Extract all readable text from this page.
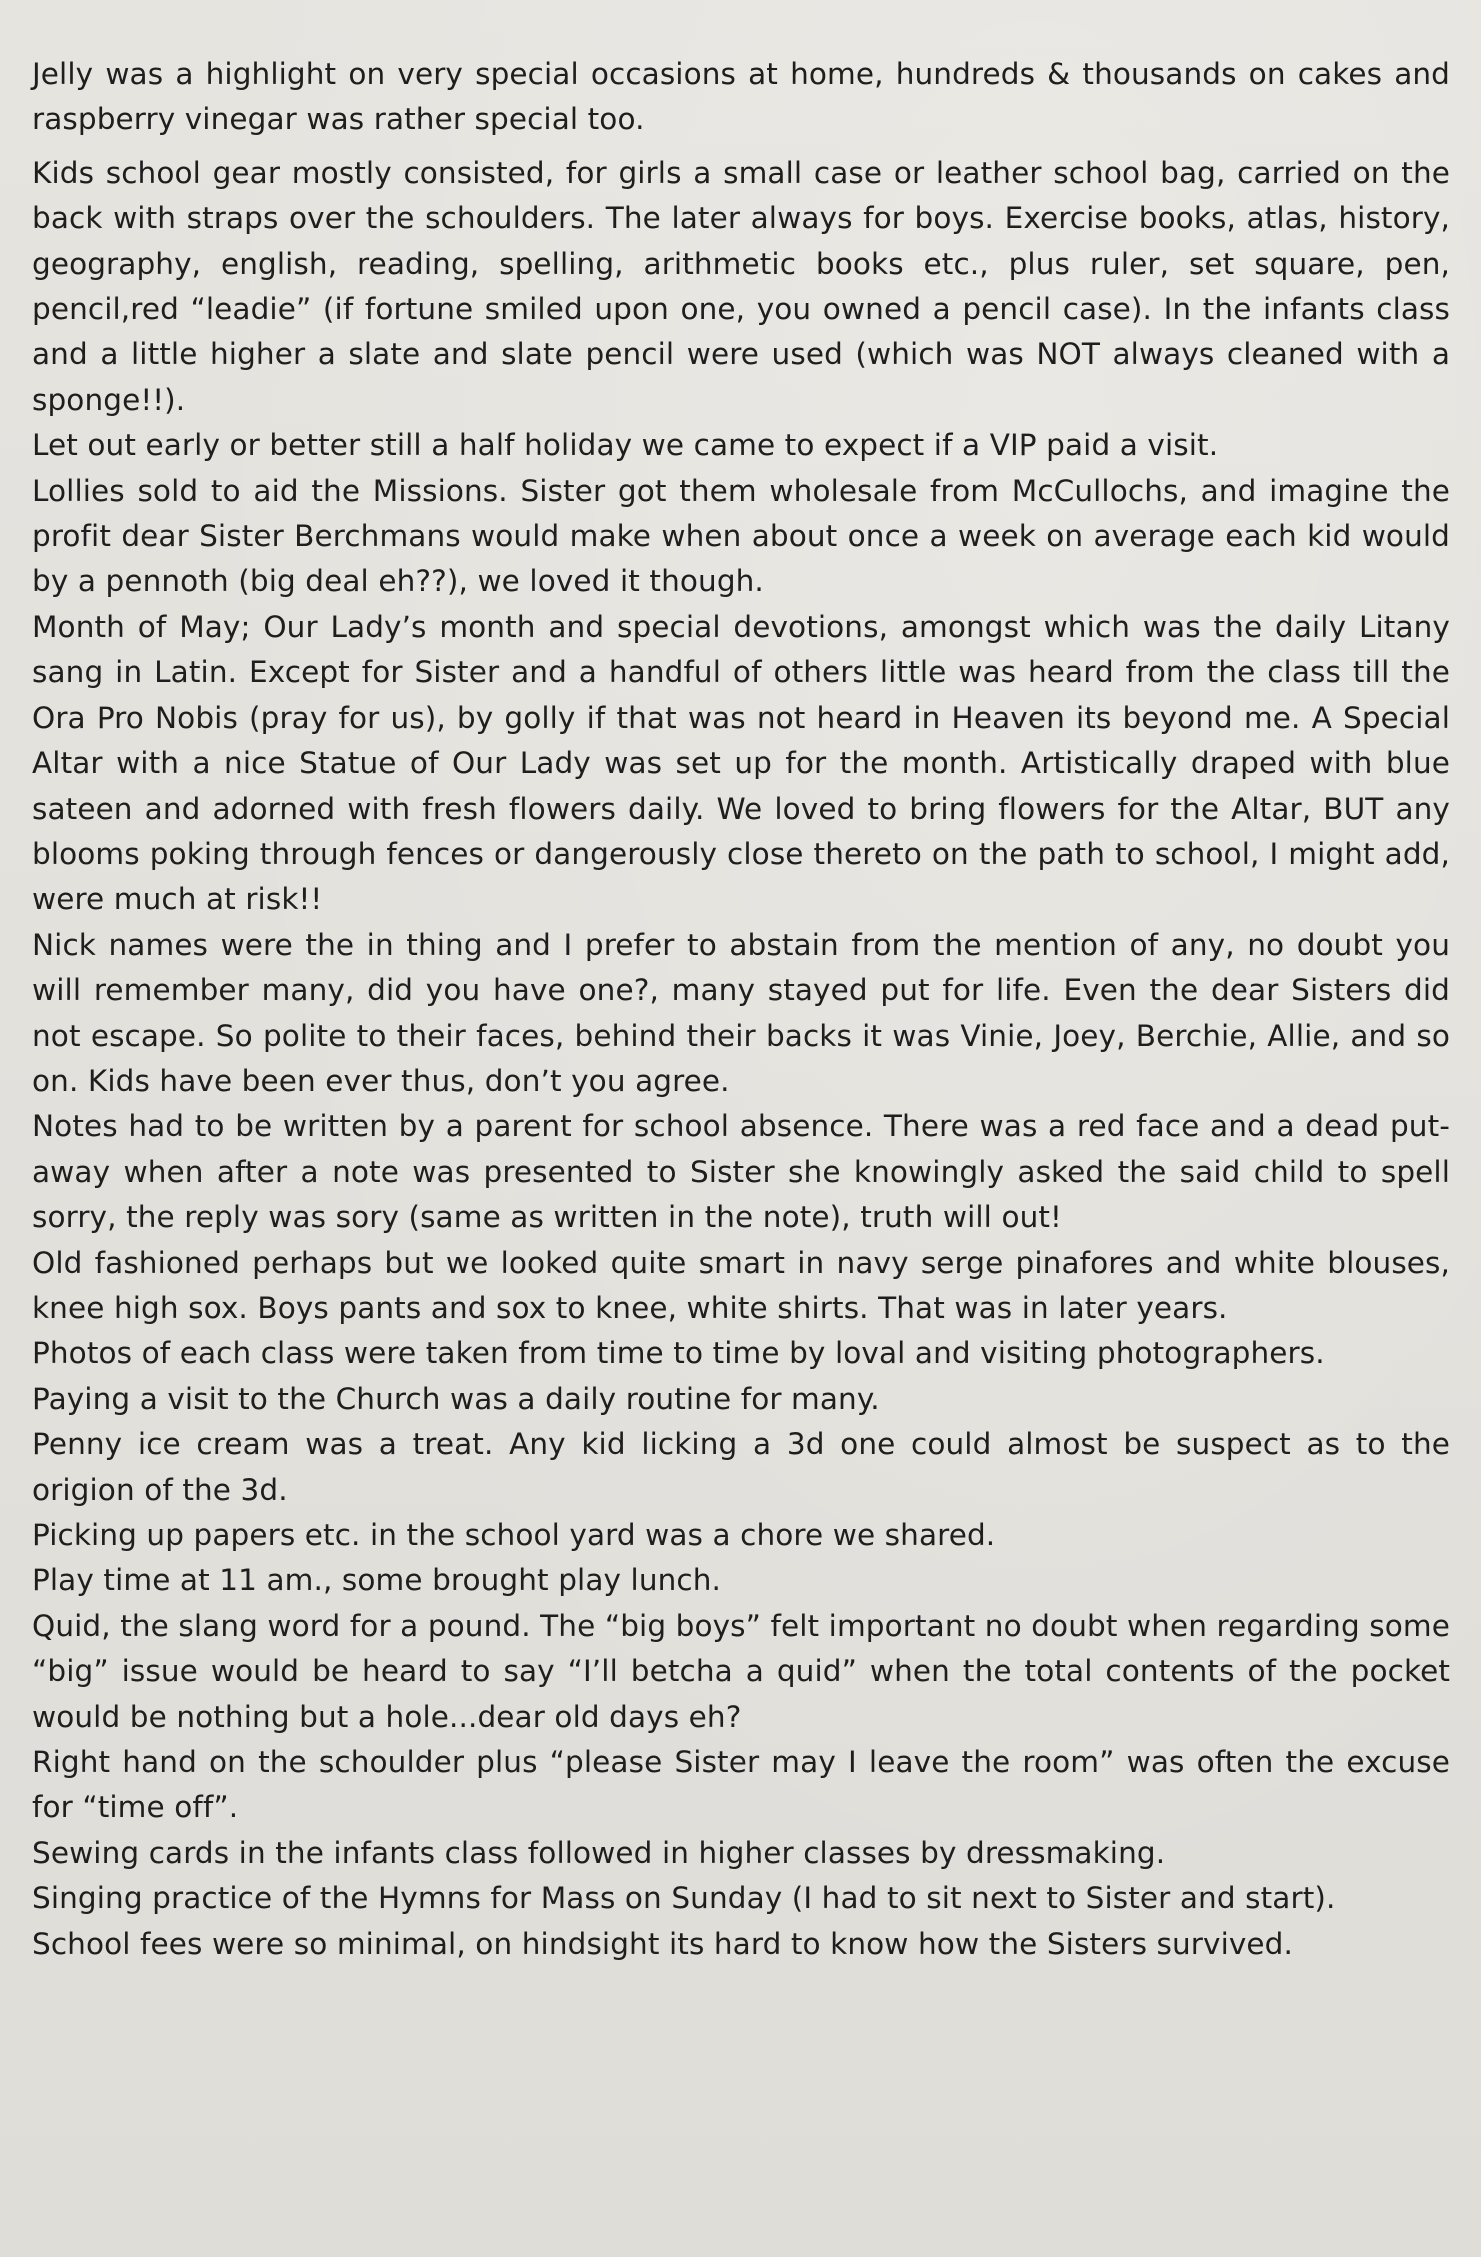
Jelly was a highlight on very special occasions at home, hundreds & thousands on cakes and raspberry vinegar was rather special too.

Kids school gear mostly consisted, for girls a small case or leather school bag, carried on the back with straps over the schoulders. The later always for boys. Exercise books, atlas, history, geography, english, reading, spelling, arithmetic books etc., plus ruler, set square, pen, pencil,red “leadie” (if fortune smiled upon one, you owned a pencil case). In the infants class and a little higher a slate and slate pencil were used (which was NOT always cleaned with a sponge!!).

Let out early or better still a half holiday we came to expect if a VIP paid a visit.

Lollies sold to aid the Missions. Sister got them wholesale from McCullochs, and imagine the profit dear Sister Berchmans would make when about once a week on average each kid would by a pennoth (big deal eh??), we loved it though.

Month of May; Our Lady’s month and special devotions, amongst which was the daily Litany sang in Latin. Except for Sister and a handful of others little was heard from the class till the Ora Pro Nobis (pray for us), by golly if that was not heard in Heaven its beyond me. A Special Altar with a nice Statue of Our Lady was set up for the month. Artistically draped with blue sateen and adorned with fresh flowers daily. We loved to bring flowers for the Altar, BUT any blooms poking through fences or dangerously close thereto on the path to school, I might add, were much at risk!!

Nick names were the in thing and I prefer to abstain from the mention of any, no doubt you will remember many, did you have one?, many stayed put for life. Even the dear Sisters did not escape. So polite to their faces, behind their backs it was Vinie, Joey, Berchie, Allie, and so on. Kids have been ever thus, don’t you agree.

Notes had to be written by a parent for school absence. There was a red face and a dead put-away when after a note was presented to Sister she knowingly asked the said child to spell sorry, the reply was sory (same as written in the note), truth will out!

Old fashioned perhaps but we looked quite smart in navy serge pinafores and white blouses, knee high sox. Boys pants and sox to knee, white shirts. That was in later years.

Photos of each class were taken from time to time by loval and visiting photographers.

Paying a visit to the Church was a daily routine for many.

Penny ice cream was a treat. Any kid licking a 3d one could almost be suspect as to the origion of the 3d.

Picking up papers etc. in the school yard was a chore we shared.

Play time at 11 am., some brought play lunch.

Quid, the slang word for a pound. The “big boys” felt important no doubt when regarding some “big” issue would be heard to say “I’ll betcha a quid” when the total contents of the pocket would be nothing but a hole...dear old days eh?

Right hand on the schoulder plus “please Sister may I leave the room” was often the excuse for “time off”.

Sewing cards in the infants class followed in higher classes by dressmaking.

Singing practice of the Hymns for Mass on Sunday (I had to sit next to Sister and start).

School fees were so minimal, on hindsight its hard to know how the Sisters survived.
